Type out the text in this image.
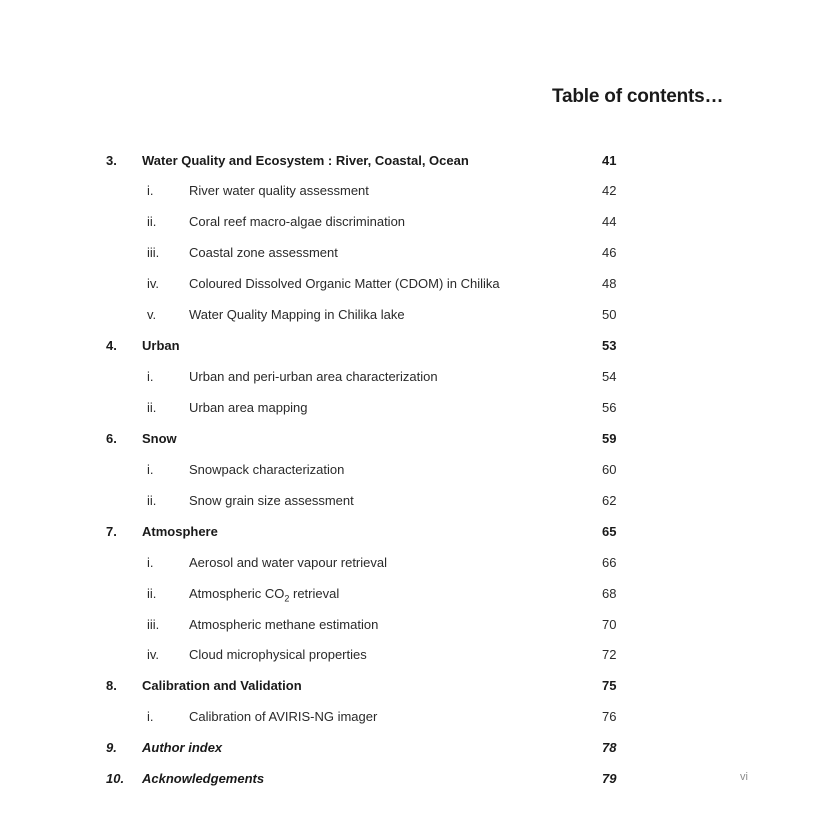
Table of contents…
3. Water Quality and Ecosystem : River, Coastal, Ocean	41
i.	River water quality assessment	42
ii.	Coral reef macro-algae discrimination	44
iii. Coastal zone assessment	46
iv. Coloured Dissolved Organic Matter (CDOM) in Chilika	48
v.	Water Quality Mapping in Chilika lake	50
4. Urban	53
i.	Urban and peri-urban area characterization	54
ii.	Urban area mapping	56
6. Snow	59
i.	Snowpack characterization	60
ii.	Snow grain size assessment	62
7. Atmosphere	65
i.	Aerosol and water vapour retrieval	66
ii.	Atmospheric $CO_2$ retrieval	68
iii. Atmospheric methane estimation	70
iv. Cloud microphysical properties	72
8. Calibration and Validation	75
i.	Calibration of AVIRIS-NG imager	76
9. Author index	78
10. Acknowledgements	79	vi
